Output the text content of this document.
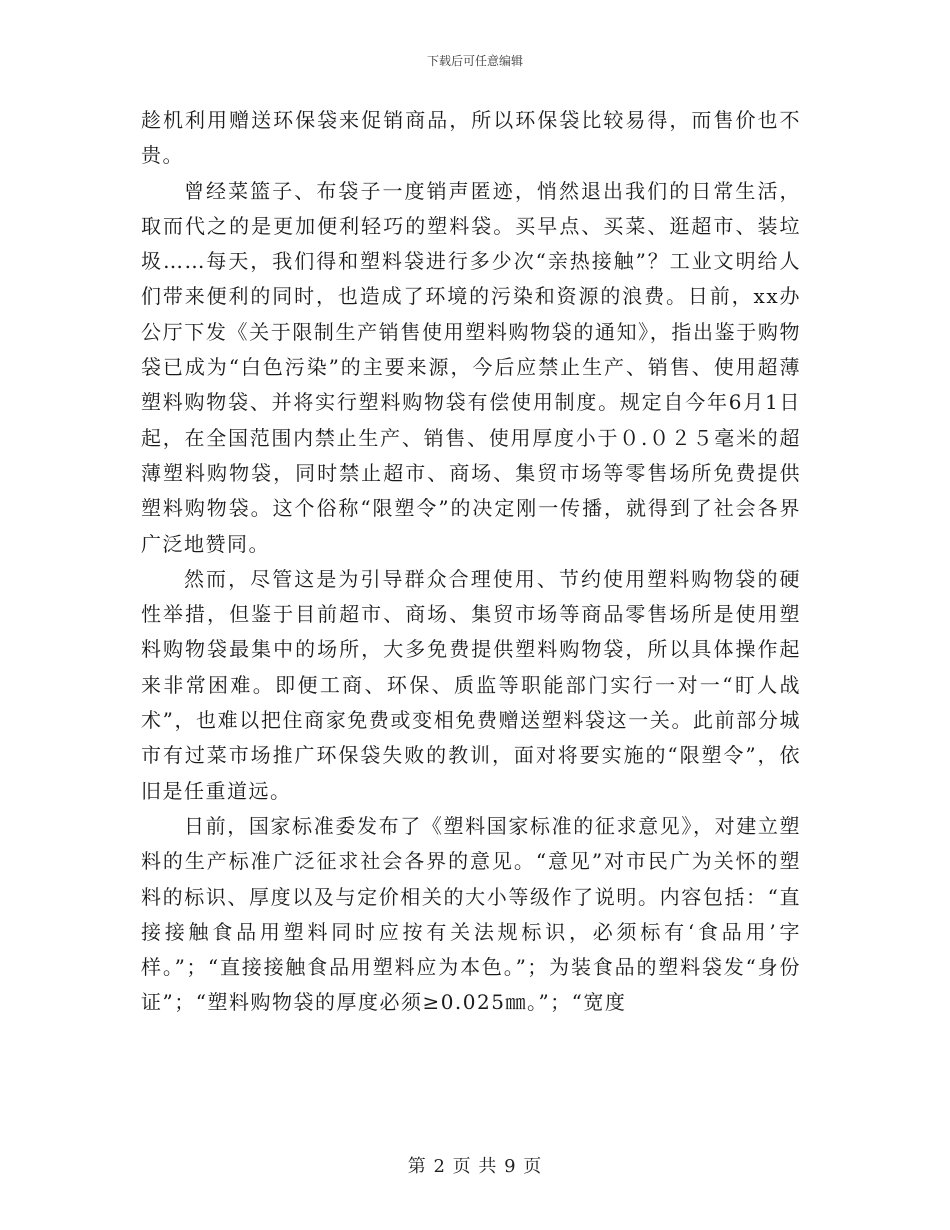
下载后可任意编辑

趁机利用赠送环保袋来促销商品，所以环保袋比较易得，而售价也不贵。

曾经菜篮子、布袋子一度销声匿迹，悄然退出我们的日常生活，取而代之的是更加便利轻巧的塑料袋。买早点、买菜、逛超市、装垃圾……每天，我们得和塑料袋进行多少次“亲热接触”？工业文明给人们带来便利的同时，也造成了环境的污染和资源的浪费。日前，xx办公厅下发《关于限制生产销售使用塑料购物袋的通知》，指出鉴于购物袋已成为“白色污染”的主要来源，今后应禁止生产、销售、使用超薄塑料购物袋、并将实行塑料购物袋有偿使用制度。规定自今年6月1日起，在全国范围内禁止生产、销售、使用厚度小于０.０２５毫米的超薄塑料购物袋，同时禁止超市、商场、集贸市场等零售场所免费提供塑料购物袋。这个俗称“限塑令”的决定刚一传播，就得到了社会各界广泛地赞同。

然而，尽管这是为引导群众合理使用、节约使用塑料购物袋的硬性举措，但鉴于目前超市、商场、集贸市场等商品零售场所是使用塑料购物袋最集中的场所，大多免费提供塑料购物袋，所以具体操作起来非常困难。即便工商、环保、质监等职能部门实行一对一“盯人战术”，也难以把住商家免费或变相免费赠送塑料袋这一关。此前部分城市有过菜市场推广环保袋失败的教训，面对将要实施的“限塑令”，依旧是任重道远。

日前，国家标准委发布了《塑料国家标准的征求意见》，对建立塑料的生产标准广泛征求社会各界的意见。“意见”对市民广为关怀的塑料的标识、厚度以及与定价相关的大小等级作了说明。内容包括：“直接接触食品用塑料同时应按有关法规标识，必须标有‘食品用’字样。”；“直接接触食品用塑料应为本色。”；为装食品的塑料袋发“身份证”；“塑料购物袋的厚度必须≥0.025㎜。”；“宽度

第 2 页 共 9 页
